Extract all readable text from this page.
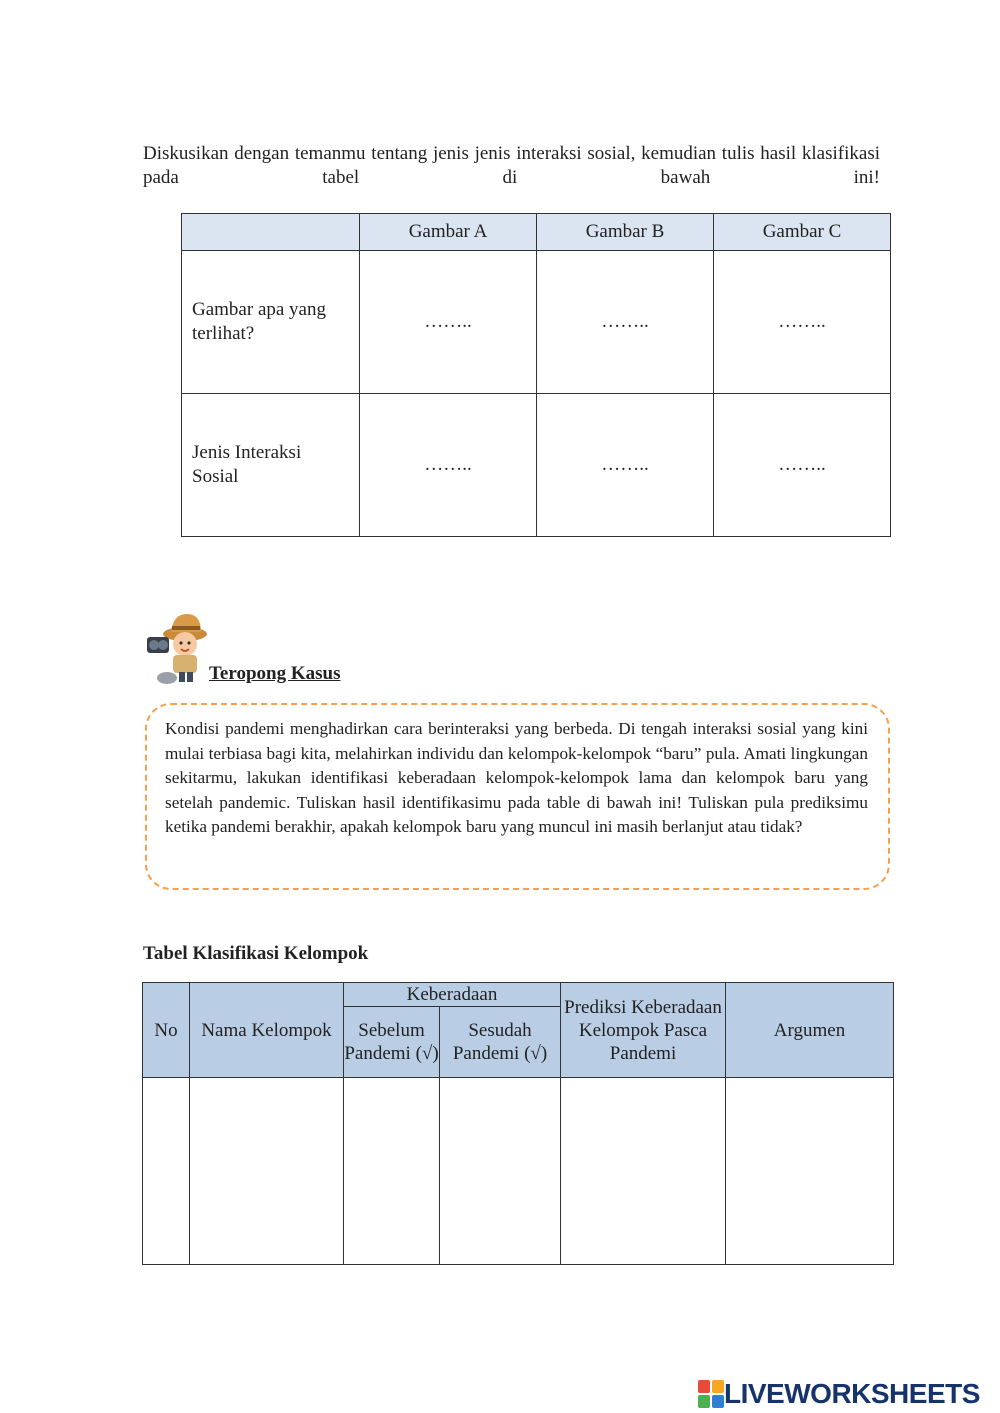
Diskusikan dengan temanmu tentang jenis jenis interaksi sosial, kemudian tulis hasil klasifikasi pada tabel di bawah ini!

	Gambar A	Gambar B	Gambar C
Gambar apa yang terlihat?	……..	……..	……..
Jenis Interaksi Sosial	……..	……..	……..
Teropong Kasus

Kondisi pandemi menghadirkan cara berinteraksi yang berbeda. Di tengah interaksi sosial yang kini mulai terbiasa bagi kita, melahirkan individu dan kelompok-kelompok “baru” pula. Amati lingkungan sekitarmu, lakukan identifikasi keberadaan kelompok-kelompok lama dan kelompok baru yang setelah pandemic. Tuliskan hasil identifikasimu pada table di bawah ini! Tuliskan pula prediksimu ketika pandemi berakhir, apakah kelompok baru yang muncul ini masih berlanjut atau tidak?

Tabel Klasifikasi Kelompok
No	Nama Kelompok	Keberadaan		Prediksi Keberadaan Kelompok Pasca Pandemi	Argumen
		Sebelum Pandemi (√)	Sesudah Pandemi (√)		

LIVEWORKSHEETS
